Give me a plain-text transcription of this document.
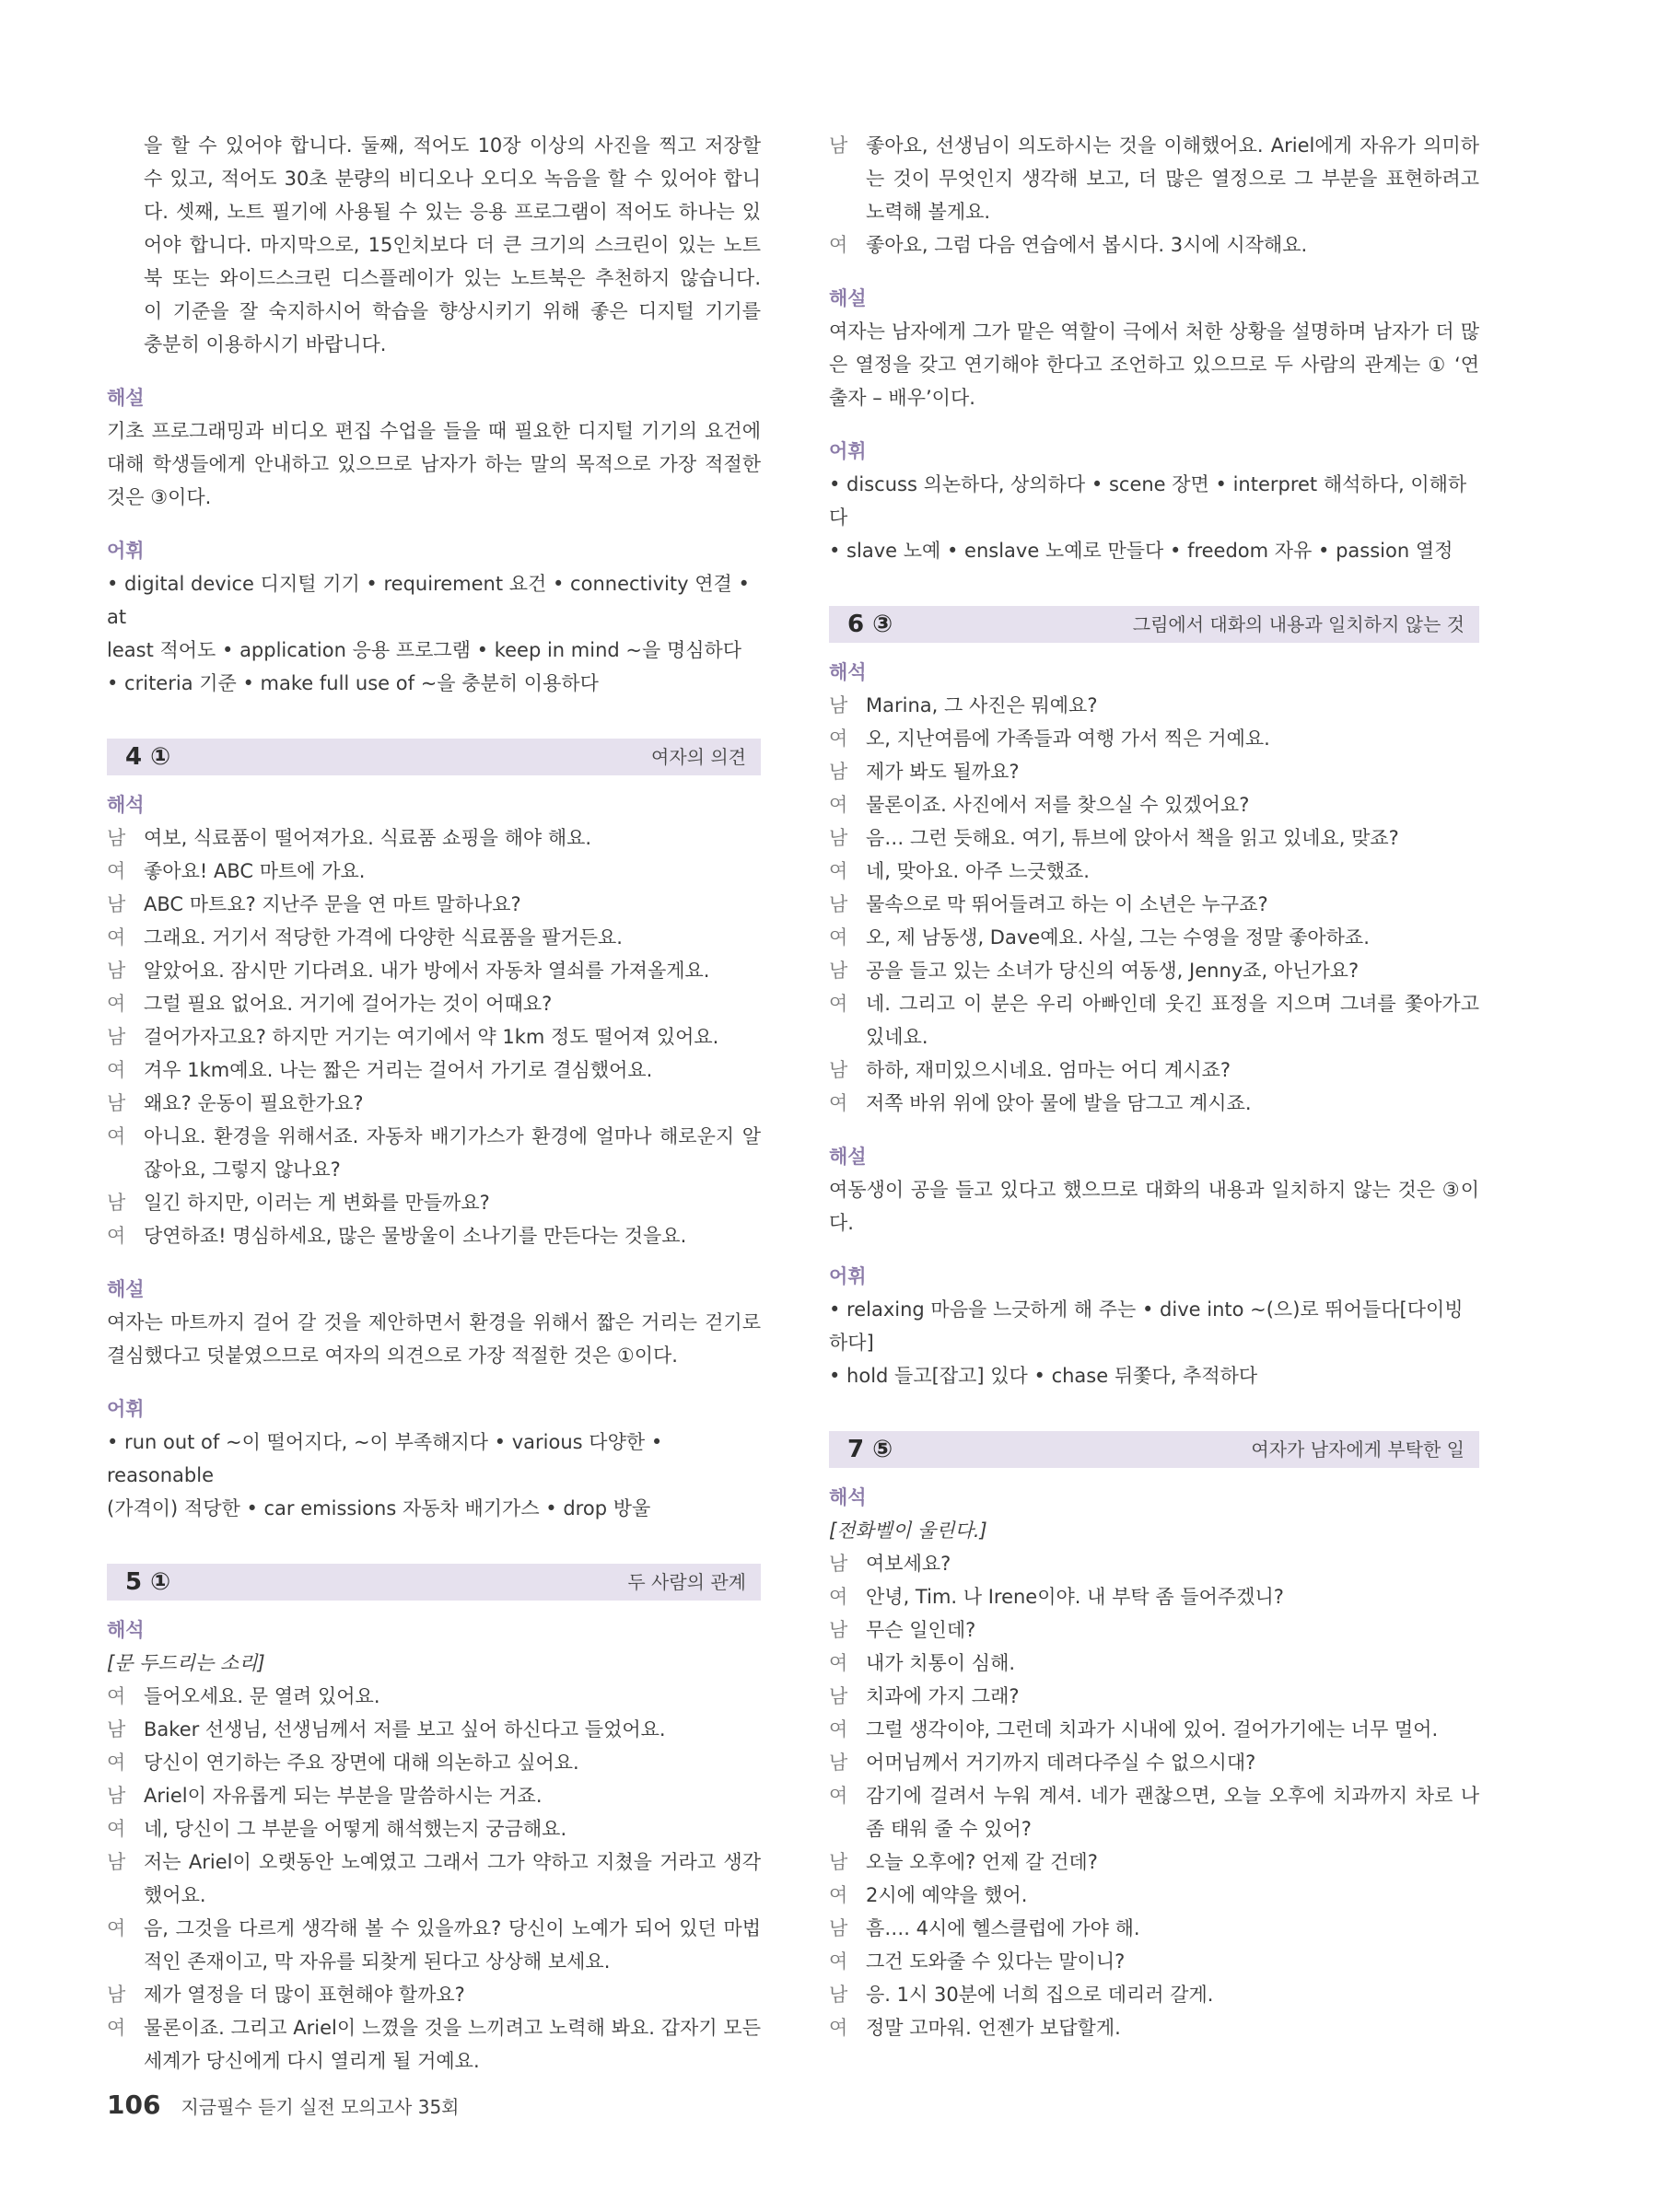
을 할 수 있어야 합니다. 둘째, 적어도 10장 이상의 사진을 찍고 저장할
수 있고, 적어도 30초 분량의 비디오나 오디오 녹음을 할 수 있어야 합니
다. 셋째, 노트 필기에 사용될 수 있는 응용 프로그램이 적어도 하나는 있
어야 합니다. 마지막으로, 15인치보다 더 큰 크기의 스크린이 있는 노트
북 또는 와이드스크린 디스플레이가 있는 노트북은 추천하지 않습니다.
이 기준을 잘 숙지하시어 학습을 향상시키기 위해 좋은 디지털 기기를
충분히 이용하시기 바랍니다.
해설
기초 프로그래밍과 비디오 편집 수업을 들을 때 필요한 디지털 기기의 요건에 대해 학생들에게 안내하고 있으므로 남자가 하는 말의 목적으로 가장 적절한 것은 ③이다.
어휘

• digital device 디지털 기기 • requirement 요건 • connectivity 연결 • at

least 적어도 • application 응용 프로그램 • keep in mind ~을 명심하다

• criteria 기준 • make full use of ~을 충분히 이용하다

4 ①	여자의 의견
해석
남 여보, 식료품이 떨어져가요. 식료품 쇼핑을 해야 해요.
여 좋아요! ABC 마트에 가요.
남 ABC 마트요? 지난주 문을 연 마트 말하나요?
여 그래요. 거기서 적당한 가격에 다양한 식료품을 팔거든요.
남 알았어요. 잠시만 기다려요. 내가 방에서 자동차 열쇠를 가져올게요.
여 그럴 필요 없어요. 거기에 걸어가는 것이 어때요?
남 걸어가자고요? 하지만 거기는 여기에서 약 1km 정도 떨어져 있어요.
여 겨우 1km예요. 나는 짧은 거리는 걸어서 가기로 결심했어요.
남 왜요? 운동이 필요한가요?
여 아니요. 환경을 위해서죠. 자동차 배기가스가 환경에 얼마나 해로운지 알잖아요, 그렇지 않나요?
남 일긴 하지만, 이러는 게 변화를 만들까요?
여 당연하죠! 명심하세요, 많은 물방울이 소나기를 만든다는 것을요.
해설
여자는 마트까지 걸어 갈 것을 제안하면서 환경을 위해서 짧은 거리는 걷기로 결심했다고 덧붙였으므로 여자의 의견으로 가장 적절한 것은 ①이다.
어휘

• run out of ~이 떨어지다, ~이 부족해지다 • various 다양한 • reasonable

(가격이) 적당한 • car emissions 자동차 배기가스 • drop 방울

5 ①	두 사람의 관계
해석
[문 두드리는 소리]
여 들어오세요. 문 열려 있어요.
남 Baker 선생님, 선생님께서 저를 보고 싶어 하신다고 들었어요.
여 당신이 연기하는 주요 장면에 대해 의논하고 싶어요.
남 Ariel이 자유롭게 되는 부분을 말씀하시는 거죠.
여 네, 당신이 그 부분을 어떻게 해석했는지 궁금해요.
남 저는 Ariel이 오랫동안 노예였고 그래서 그가 약하고 지쳤을 거라고 생각했어요.
여 음, 그것을 다르게 생각해 볼 수 있을까요? 당신이 노예가 되어 있던 마법적인 존재이고, 막 자유를 되찾게 된다고 상상해 보세요.
남 제가 열정을 더 많이 표현해야 할까요?
여 물론이죠. 그리고 Ariel이 느꼈을 것을 느끼려고 노력해 봐요. 갑자기 모든 세계가 당신에게 다시 열리게 될 거예요.
남 좋아요, 선생님이 의도하시는 것을 이해했어요. Ariel에게 자유가 의미하는 것이 무엇인지 생각해 보고, 더 많은 열정으로 그 부분을 표현하려고 노력해 볼게요.
여 좋아요, 그럼 다음 연습에서 봅시다. 3시에 시작해요.
해설
여자는 남자에게 그가 맡은 역할이 극에서 처한 상황을 설명하며 남자가 더 많은 열정을 갖고 연기해야 한다고 조언하고 있으므로 두 사람의 관계는 ① ‘연출자 – 배우’이다.
어휘

• discuss 의논하다, 상의하다 • scene 장면 • interpret 해석하다, 이해하다

• slave 노예 • enslave 노예로 만들다 • freedom 자유 • passion 열정

6 ③	그림에서 대화의 내용과 일치하지 않는 것
해석
남 Marina, 그 사진은 뭐예요?
여 오, 지난여름에 가족들과 여행 가서 찍은 거예요.
남 제가 봐도 될까요?
여 물론이죠. 사진에서 저를 찾으실 수 있겠어요?
남 음… 그런 듯해요. 여기, 튜브에 앉아서 책을 읽고 있네요, 맞죠?
여 네, 맞아요. 아주 느긋했죠.
남 물속으로 막 뛰어들려고 하는 이 소년은 누구죠?
여 오, 제 남동생, Dave예요. 사실, 그는 수영을 정말 좋아하죠.
남 공을 들고 있는 소녀가 당신의 여동생, Jenny죠, 아닌가요?
여 네. 그리고 이 분은 우리 아빠인데 웃긴 표정을 지으며 그녀를 쫓아가고 있네요.
남 하하, 재미있으시네요. 엄마는 어디 계시죠?
여 저쪽 바위 위에 앉아 물에 발을 담그고 계시죠.
해설
여동생이 공을 들고 있다고 했으므로 대화의 내용과 일치하지 않는 것은 ③이다.
어휘

• relaxing 마음을 느긋하게 해 주는 • dive into ~(으)로 뛰어들다[다이빙하다]

• hold 들고[잡고] 있다 • chase 뒤쫓다, 추적하다

7 ⑤	여자가 남자에게 부탁한 일
해석
[전화벨이 울린다.]
남 여보세요?
여 안녕, Tim. 나 Irene이야. 내 부탁 좀 들어주겠니?
남 무슨 일인데?
여 내가 치통이 심해.
남 치과에 가지 그래?
여 그럴 생각이야, 그런데 치과가 시내에 있어. 걸어가기에는 너무 멀어.
남 어머님께서 거기까지 데려다주실 수 없으시대?
여 감기에 걸려서 누워 계셔. 네가 괜찮으면, 오늘 오후에 치과까지 차로 나 좀 태워 줄 수 있어?
남 오늘 오후에? 언제 갈 건데?
여 2시에 예약을 했어.
남 흠…. 4시에 헬스클럽에 가야 해.
여 그건 도와줄 수 있다는 말이니?
남 응. 1시 30분에 너희 집으로 데리러 갈게.
여 정말 고마워. 언젠가 보답할게.
106 지금필수 듣기 실전 모의고사 35회
